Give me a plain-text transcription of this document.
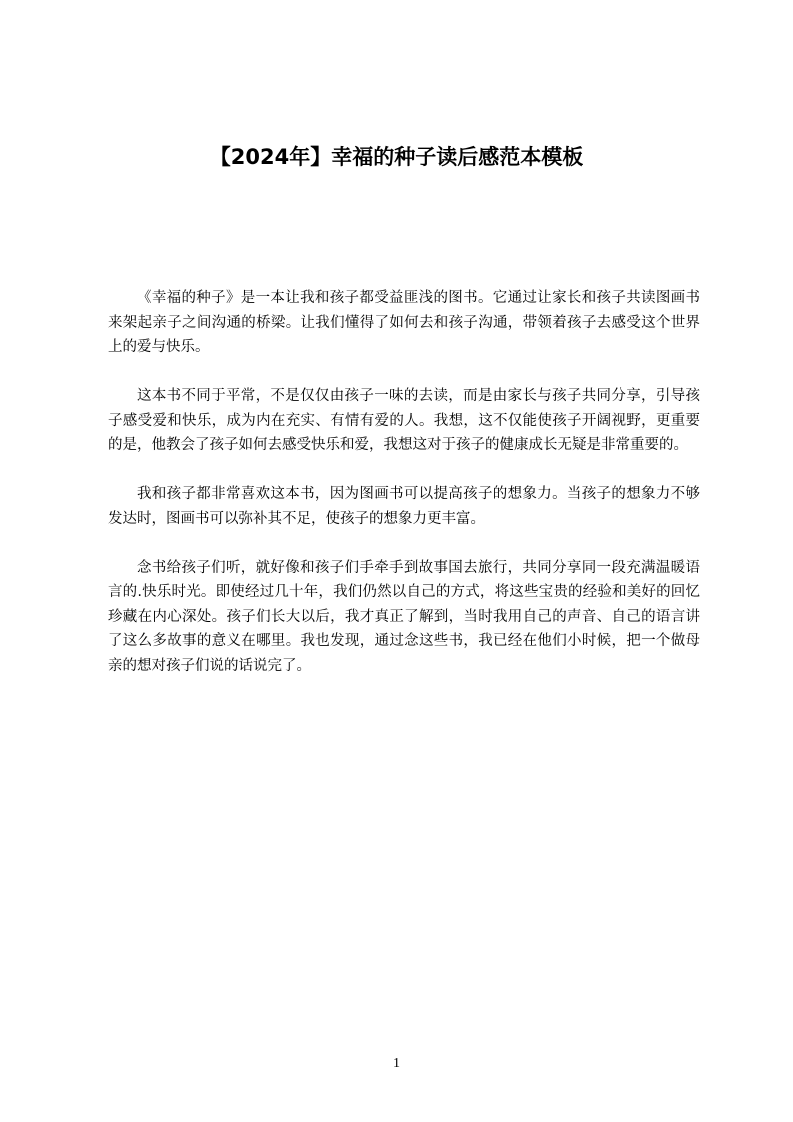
【2024年】幸福的种子读后感范本模板

《幸福的种子》是一本让我和孩子都受益匪浅的图书。它通过让家长和孩子共读图画书来架起亲子之间沟通的桥梁。让我们懂得了如何去和孩子沟通，带领着孩子去感受这个世界上的爱与快乐。

这本书不同于平常，不是仅仅由孩子一味的去读，而是由家长与孩子共同分享，引导孩子感受爱和快乐，成为内在充实、有情有爱的人。我想，这不仅能使孩子开阔视野，更重要的是，他教会了孩子如何去感受快乐和爱，我想这对于孩子的健康成长无疑是非常重要的。

我和孩子都非常喜欢这本书，因为图画书可以提高孩子的想象力。当孩子的想象力不够发达时，图画书可以弥补其不足，使孩子的想象力更丰富。

念书给孩子们听，就好像和孩子们手牵手到故事国去旅行，共同分享同一段充满温暖语言的.快乐时光。即使经过几十年，我们仍然以自己的方式，将这些宝贵的经验和美好的回忆珍藏在内心深处。孩子们长大以后，我才真正了解到，当时我用自己的声音、自己的语言讲了这么多故事的意义在哪里。我也发现，通过念这些书，我已经在他们小时候，把一个做母亲的想对孩子们说的话说完了。

1
